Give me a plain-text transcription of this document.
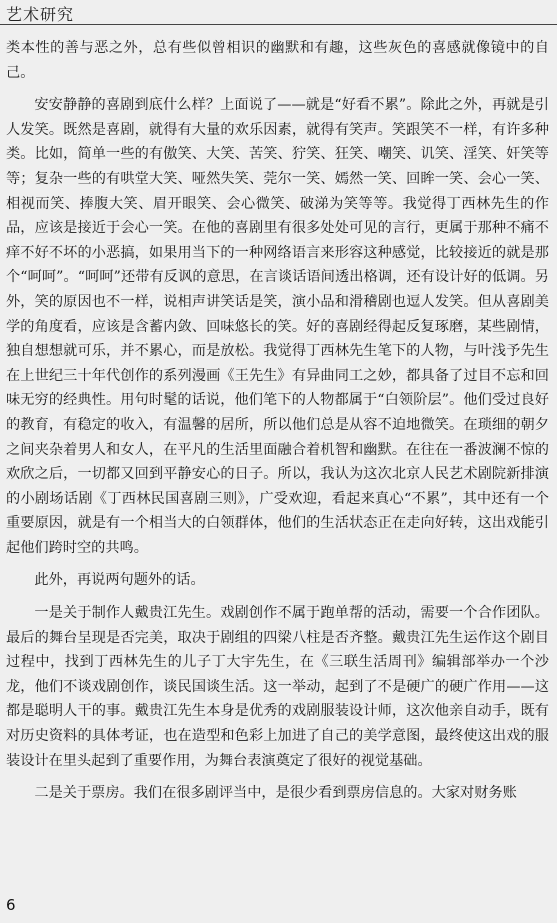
艺术研究

类本性的善与恶之外，总有些似曾相识的幽默和有趣，这些灰色的喜感就像镜中的自己。

安安静静的喜剧到底什么样？上面说了——就是“好看不累”。除此之外，再就是引人发笑。既然是喜剧，就得有大量的欢乐因素，就得有笑声。笑跟笑不一样，有许多种类。比如，简单一些的有傲笑、大笑、苦笑、狞笑、狂笑、嘲笑、讥笑、淫笑、奸笑等等；复杂一些的有哄堂大笑、哑然失笑、莞尔一笑、嫣然一笑、回眸一笑、会心一笑、相视而笑、捧腹大笑、眉开眼笑、会心微笑、破涕为笑等等。我觉得丁西林先生的作品，应该是接近于会心一笑。在他的喜剧里有很多处处可见的言行，更属于那种不痛不痒不好不坏的小恶搞，如果用当下的一种网络语言来形容这种感觉，比较接近的就是那个“呵呵”。“呵呵”还带有反讽的意思，在言谈话语间透出格调，还有设计好的低调。另外，笑的原因也不一样，说相声讲笑话是笑，演小品和滑稽剧也逗人发笑。但从喜剧美学的角度看，应该是含蓄内敛、回味悠长的笑。好的喜剧经得起反复琢磨，某些剧情，独自想想就可乐，并不累心，而是放松。我觉得丁西林先生笔下的人物，与叶浅予先生在上世纪三十年代创作的系列漫画《王先生》有异曲同工之妙，都具备了过目不忘和回味无穷的经典性。用句时髦的话说，他们笔下的人物都属于“白领阶层”。他们受过良好的教育，有稳定的收入，有温馨的居所，所以他们总是从容不迫地微笑。在琐细的朝夕之间夹杂着男人和女人，在平凡的生活里面融合着机智和幽默。在往在一番波澜不惊的欢欣之后，一切都又回到平静安心的日子。所以，我认为这次北京人民艺术剧院新排演的小剧场话剧《丁西林民国喜剧三则》，广受欢迎，看起来真心“不累”，其中还有一个重要原因，就是有一个相当大的白领群体，他们的生活状态正在走向好转，这出戏能引起他们跨时空的共鸣。

此外，再说两句题外的话。

一是关于制作人戴贵江先生。戏剧创作不属于跑单帮的活动，需要一个合作团队。最后的舞台呈现是否完美，取决于剧组的四梁八柱是否齐整。戴贵江先生运作这个剧目过程中，找到丁西林先生的儿子丁大宇先生，在《三联生活周刊》编辑部举办一个沙龙，他们不谈戏剧创作，谈民国谈生活。这一举动，起到了不是硬广的硬广作用——这都是聪明人干的事。戴贵江先生本身是优秀的戏剧服装设计师，这次他亲自动手，既有对历史资料的具体考证，也在造型和色彩上加进了自己的美学意图，最终使这出戏的服装设计在里头起到了重要作用，为舞台表演奠定了很好的视觉基础。

二是关于票房。我们在很多剧评当中，是很少看到票房信息的。大家对财务账

6
